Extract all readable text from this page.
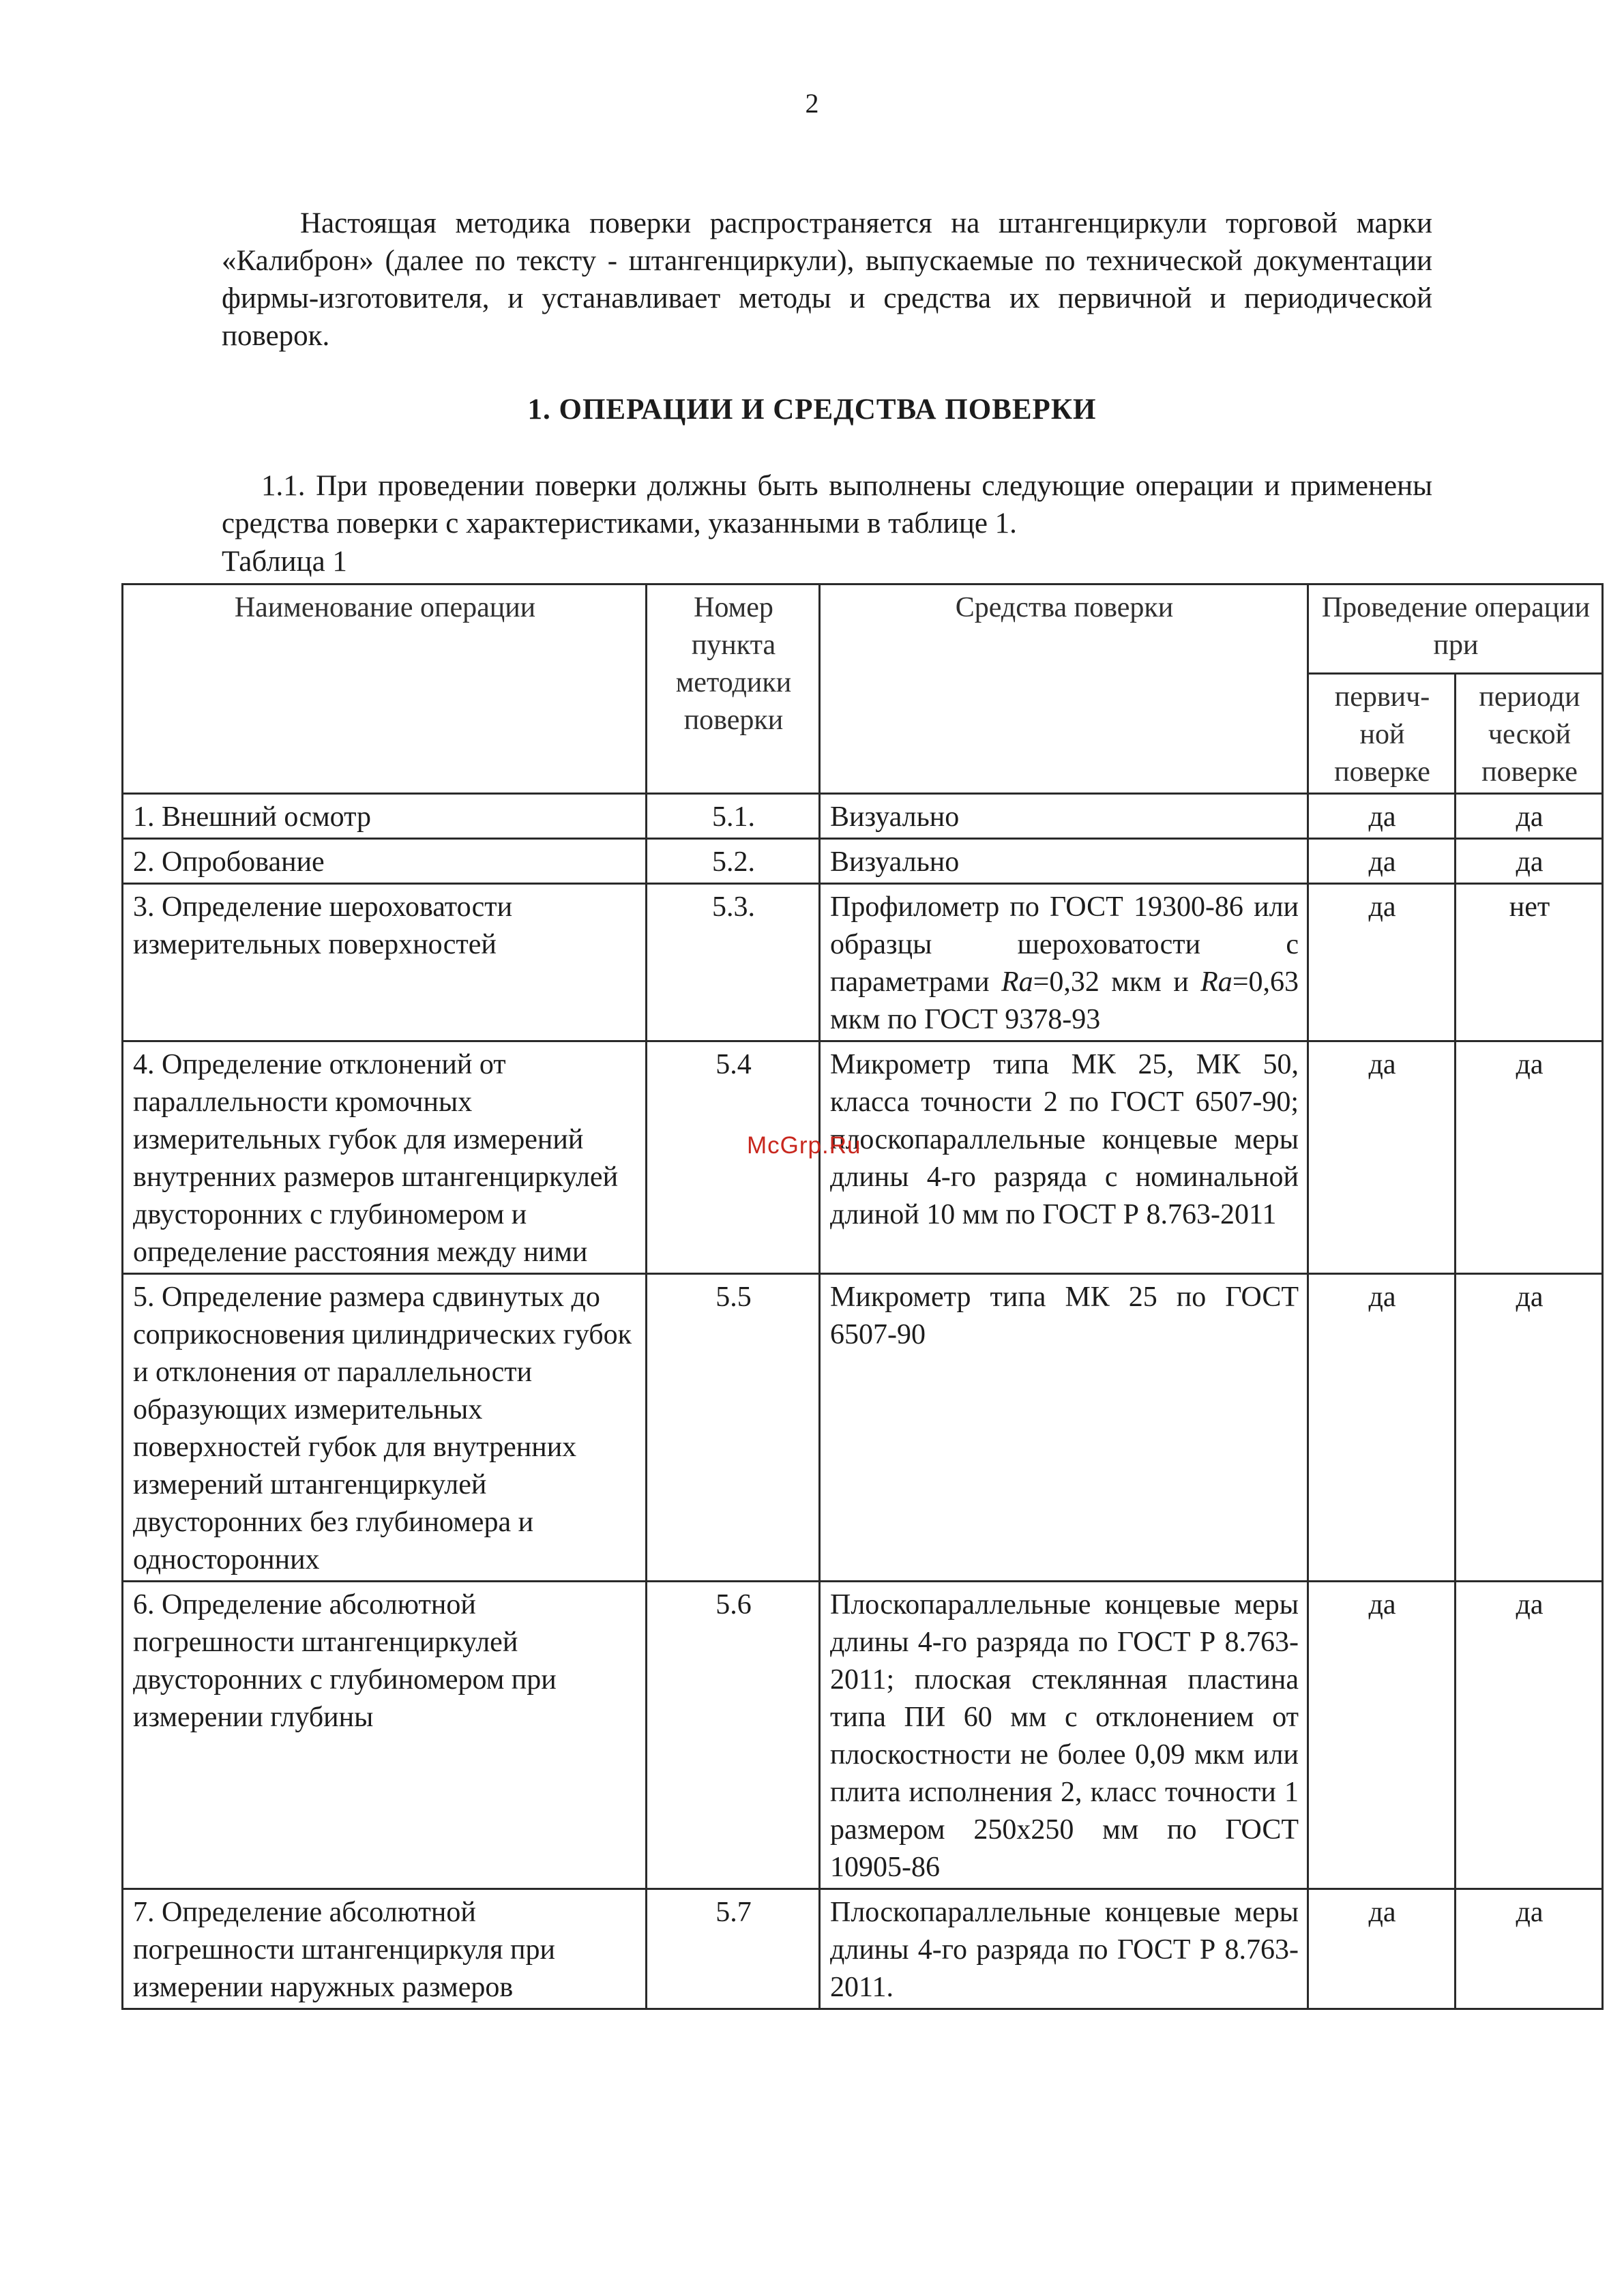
2

Настоящая методика поверки распространяется на штангенциркули торговой марки «Калиброн» (далее по тексту - штангенциркули), выпускаемые по технической документации фирмы-изготовителя, и устанавливает методы и средства их первичной и периодической поверок.

1. ОПЕРАЦИИ И СРЕДСТВА ПОВЕРКИ

1.1. При проведении поверки должны быть выполнены следующие операции и применены средства поверки с характеристиками, указанными в таблице 1.

Таблица 1

Наименование операции	Номер пункта методики поверки	Средства поверки	Проведение операции при	
			первич-ной поверке	периоди ческой поверке
1. Внешний осмотр	5.1.	Визуально	да	да
2. Опробование	5.2.	Визуально	да	да
3. Определение шероховатости измерительных поверхностей	5.3.	Профилометр по ГОСТ 19300-86 или образцы шероховатости с параметрами Ra=0,32 мкм и Ra=0,63 мкм по ГОСТ 9378-93	да	нет
4. Определение отклонений от параллельности кромочных измерительных губок для измерений внутренних размеров штангенциркулей двусторонних с глубиномером и определение расстояния между ними	5.4	Микрометр типа МК 25, МК 50, класса точности 2 по ГОСТ 6507-90; плоскопараллельные концевые меры длины 4-го разряда с номинальной длиной 10 мм по ГОСТ Р 8.763-2011	да	да
5. Определение размера сдвинутых до соприкосновения цилиндрических губок и отклонения от параллельности образующих измерительных поверхностей губок для внутренних измерений штангенциркулей двусторонних без глубиномера и односторонних	5.5	Микрометр типа МК 25 по ГОСТ 6507-90	да	да
6. Определение абсолютной погрешности штангенциркулей двусторонних с глубиномером при измерении глубины	5.6	Плоскопараллельные концевые меры длины 4-го разряда по ГОСТ Р 8.763-2011; плоская стеклянная пластина типа ПИ 60 мм с отклонением от плоскостности не более 0,09 мкм или плита исполнения 2, класс точности 1 размером 250x250 мм по ГОСТ 10905-86	да	да
7. Определение абсолютной погрешности штангенциркуля при измерении наружных размеров	5.7	Плоскопараллельные концевые меры длины 4-го разряда по ГОСТ Р 8.763-2011.	да	да
McGrp.Ru
